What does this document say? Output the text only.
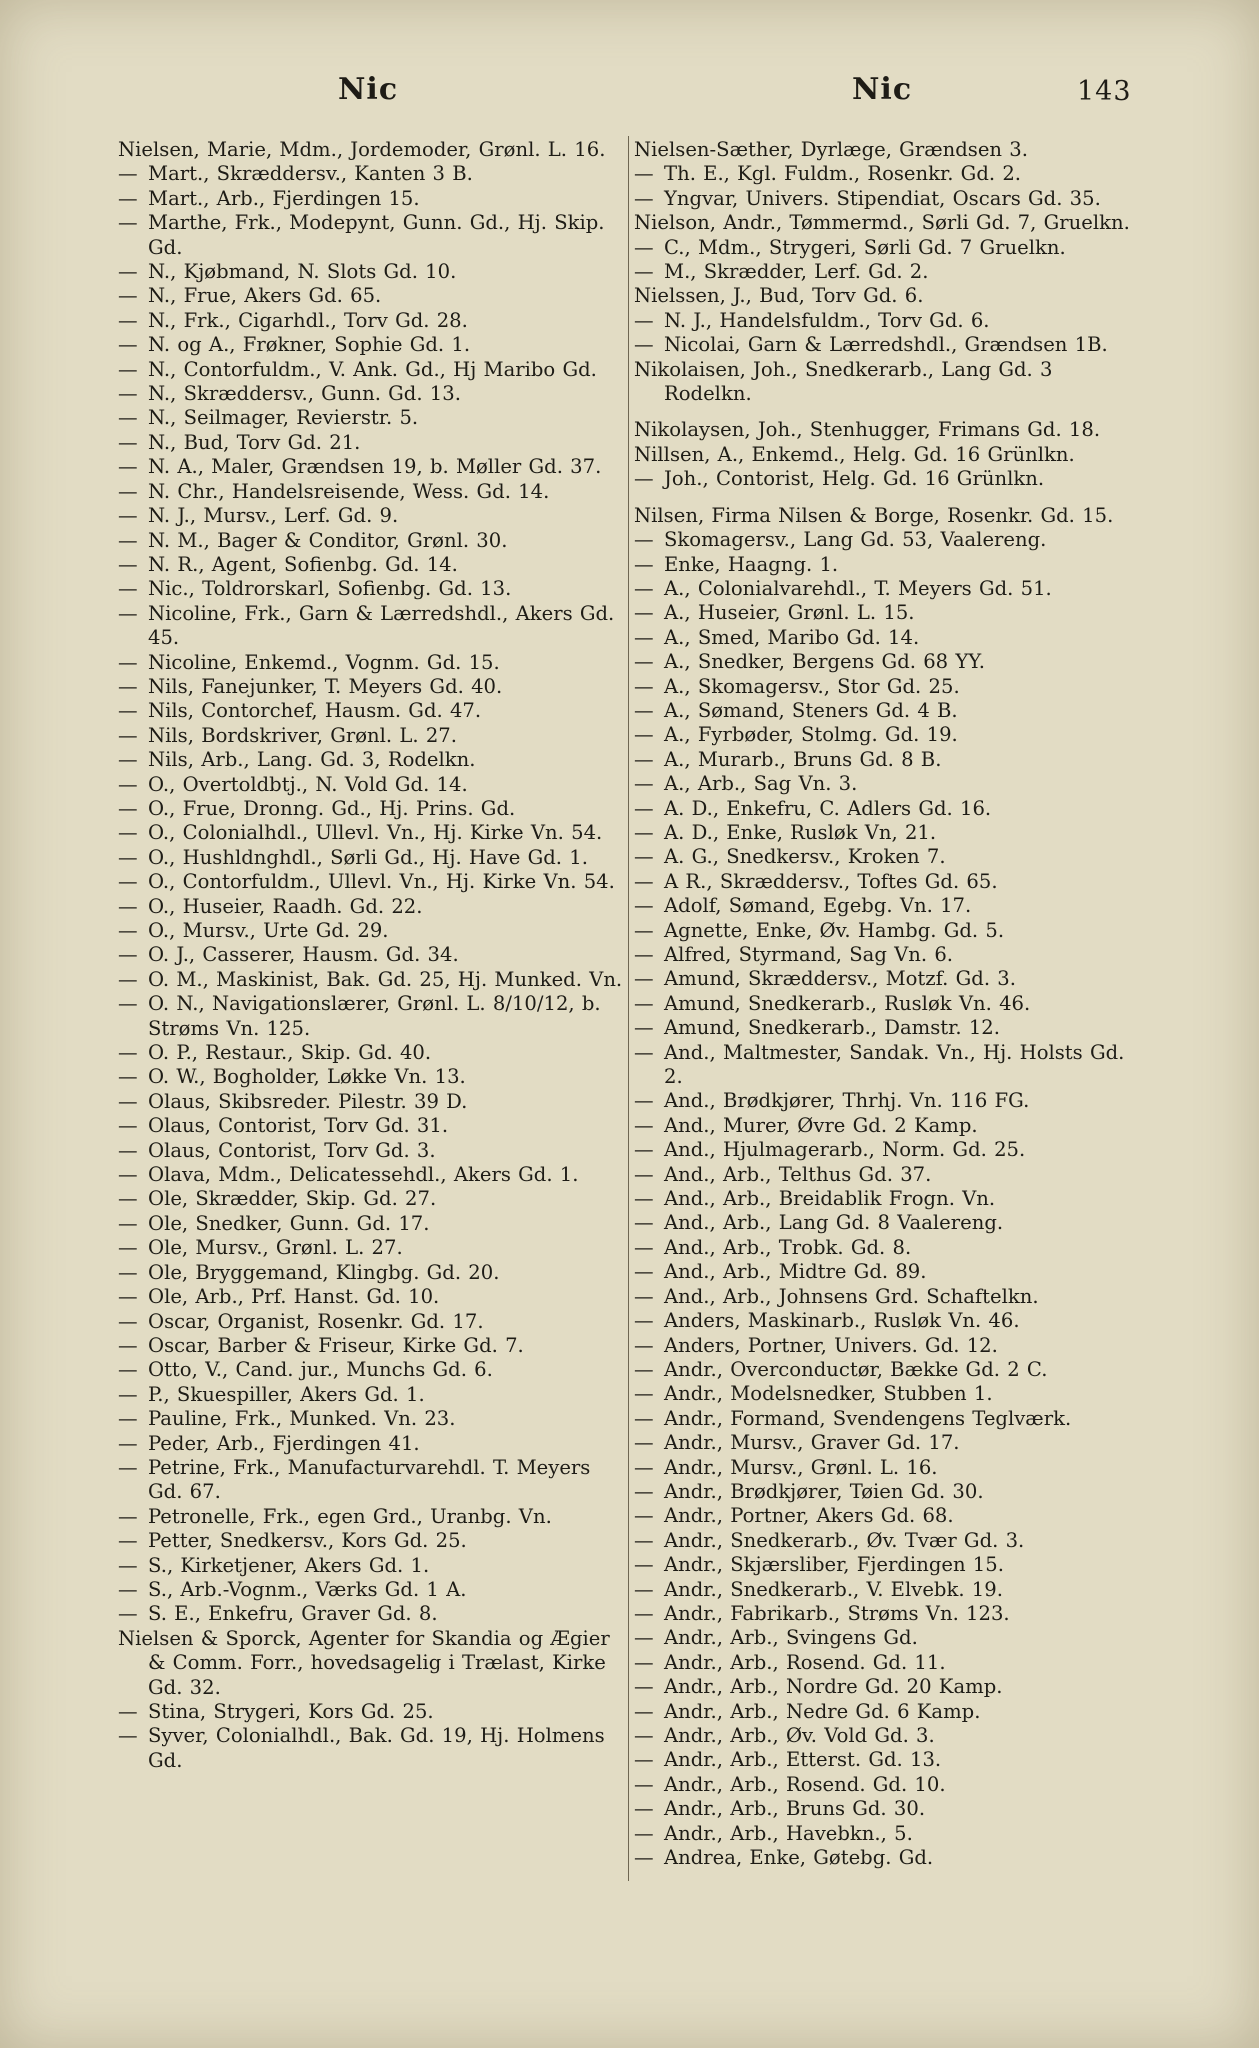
Nic	Nic	143
Nielsen, Marie, Mdm., Jordemoder, Grønl. L. 16.
— Mart., Skræddersv., Kanten 3 B.
— Mart., Arb., Fjerdingen 15.
— Marthe, Frk., Modepynt, Gunn. Gd., Hj. Skip. Gd.
— N., Kjøbmand, N. Slots Gd. 10.
— N., Frue, Akers Gd. 65.
— N., Frk., Cigarhdl., Torv Gd. 28.
— N. og A., Frøkner, Sophie Gd. 1.
— N., Contorfuldm., V. Ank. Gd., Hj Maribo Gd.
— N., Skræddersv., Gunn. Gd. 13.
— N., Seilmager, Revierstr. 5.
— N., Bud, Torv Gd. 21.
— N. A., Maler, Grændsen 19, b. Møller Gd. 37.
— N. Chr., Handelsreisende, Wess. Gd. 14.
— N. J., Mursv., Lerf. Gd. 9.
— N. M., Bager & Conditor, Grønl. 30.
— N. R., Agent, Sofienbg. Gd. 14.
— Nic., Toldrorskarl, Sofienbg. Gd. 13.
— Nicoline, Frk., Garn & Lærredshdl., Akers Gd. 45.
— Nicoline, Enkemd., Vognm. Gd. 15.
— Nils, Fanejunker, T. Meyers Gd. 40.
— Nils, Contorchef, Hausm. Gd. 47.
— Nils, Bordskriver, Grønl. L. 27.
— Nils, Arb., Lang. Gd. 3, Rodelkn.
— O., Overtoldbtj., N. Vold Gd. 14.
— O., Frue, Dronng. Gd., Hj. Prins. Gd.
— O., Colonialhdl., Ullevl. Vn., Hj. Kirke Vn. 54.
— O., Hushldnghdl., Sørli Gd., Hj. Have Gd. 1.
— O., Contorfuldm., Ullevl. Vn., Hj. Kirke Vn. 54.
— O., Huseier, Raadh. Gd. 22.
— O., Mursv., Urte Gd. 29.
— O. J., Casserer, Hausm. Gd. 34.
— O. M., Maskinist, Bak. Gd. 25, Hj. Munked. Vn.
— O. N., Navigationslærer, Grønl. L. 8/10/12, b. Strøms Vn. 125.
— O. P., Restaur., Skip. Gd. 40.
— O. W., Bogholder, Løkke Vn. 13.
— Olaus, Skibsreder. Pilestr. 39 D.
— Olaus, Contorist, Torv Gd. 31.
— Olaus, Contorist, Torv Gd. 3.
— Olava, Mdm., Delicatessehdl., Akers Gd. 1.
— Ole, Skrædder, Skip. Gd. 27.
— Ole, Snedker, Gunn. Gd. 17.
— Ole, Mursv., Grønl. L. 27.
— Ole, Bryggemand, Klingbg. Gd. 20.
— Ole, Arb., Prf. Hanst. Gd. 10.
— Oscar, Organist, Rosenkr. Gd. 17.
— Oscar, Barber & Friseur, Kirke Gd. 7.
— Otto, V., Cand. jur., Munchs Gd. 6.
— P., Skuespiller, Akers Gd. 1.
— Pauline, Frk., Munked. Vn. 23.
— Peder, Arb., Fjerdingen 41.
— Petrine, Frk., Manufacturvarehdl. T. Meyers Gd. 67.
— Petronelle, Frk., egen Grd., Uranbg. Vn.
— Petter, Snedkersv., Kors Gd. 25.
— S., Kirketjener, Akers Gd. 1.
— S., Arb.-Vognm., Værks Gd. 1 A.
— S. E., Enkefru, Graver Gd. 8.
Nielsen & Sporck, Agenter for Skandia og Ægier & Comm. Forr., hovedsagelig i Trælast, Kirke Gd. 32.
— Stina, Strygeri, Kors Gd. 25.
— Syver, Colonialhdl., Bak. Gd. 19, Hj. Holmens Gd.
Nielsen-Sæther, Dyrlæge, Grændsen 3.
— Th. E., Kgl. Fuldm., Rosenkr. Gd. 2.
— Yngvar, Univers. Stipendiat, Oscars Gd. 35.
Nielson, Andr., Tømmermd., Sørli Gd. 7, Gruelkn.
— C., Mdm., Strygeri, Sørli Gd. 7 Gruelkn.
— M., Skrædder, Lerf. Gd. 2.
Nielssen, J., Bud, Torv Gd. 6.
— N. J., Handelsfuldm., Torv Gd. 6.
— Nicolai, Garn & Lærredshdl., Grændsen 1B.
Nikolaisen, Joh., Snedkerarb., Lang Gd. 3 Rodelkn.
Nikolaysen, Joh., Stenhugger, Frimans Gd. 18.
Nillsen, A., Enkemd., Helg. Gd. 16 Grünlkn.
— Joh., Contorist, Helg. Gd. 16 Grünlkn.
Nilsen, Firma Nilsen & Borge, Rosenkr. Gd. 15.
— Skomagersv., Lang Gd. 53, Vaalereng.
— Enke, Haagng. 1.
— A., Colonialvarehdl., T. Meyers Gd. 51.
— A., Huseier, Grønl. L. 15.
— A., Smed, Maribo Gd. 14.
— A., Snedker, Bergens Gd. 68 YY.
— A., Skomagersv., Stor Gd. 25.
— A., Sømand, Steners Gd. 4 B.
— A., Fyrbøder, Stolmg. Gd. 19.
— A., Murarb., Bruns Gd. 8 B.
— A., Arb., Sag Vn. 3.
— A. D., Enkefru, C. Adlers Gd. 16.
— A. D., Enke, Rusløk Vn, 21.
— A. G., Snedkersv., Kroken 7.
— A R., Skræddersv., Toftes Gd. 65.
— Adolf, Sømand, Egebg. Vn. 17.
— Agnette, Enke, Øv. Hambg. Gd. 5.
— Alfred, Styrmand, Sag Vn. 6.
— Amund, Skræddersv., Motzf. Gd. 3.
— Amund, Snedkerarb., Rusløk Vn. 46.
— Amund, Snedkerarb., Damstr. 12.
— And., Maltmester, Sandak. Vn., Hj. Holsts Gd. 2.
— And., Brødkjører, Thrhj. Vn. 116 FG.
— And., Murer, Øvre Gd. 2 Kamp.
— And., Hjulmagerarb., Norm. Gd. 25.
— And., Arb., Telthus Gd. 37.
— And., Arb., Breidablik Frogn. Vn.
— And., Arb., Lang Gd. 8 Vaalereng.
— And., Arb., Trobk. Gd. 8.
— And., Arb., Midtre Gd. 89.
— And., Arb., Johnsens Grd. Schaftelkn.
— Anders, Maskinarb., Rusløk Vn. 46.
— Anders, Portner, Univers. Gd. 12.
— Andr., Overconductør, Bække Gd. 2 C.
— Andr., Modelsnedker, Stubben 1.
— Andr., Formand, Svendengens Teglværk.
— Andr., Mursv., Graver Gd. 17.
— Andr., Mursv., Grønl. L. 16.
— Andr., Brødkjører, Tøien Gd. 30.
— Andr., Portner, Akers Gd. 68.
— Andr., Snedkerarb., Øv. Tvær Gd. 3.
— Andr., Skjærsliber, Fjerdingen 15.
— Andr., Snedkerarb., V. Elvebk. 19.
— Andr., Fabrikarb., Strøms Vn. 123.
— Andr., Arb., Svingens Gd.
— Andr., Arb., Rosend. Gd. 11.
— Andr., Arb., Nordre Gd. 20 Kamp.
— Andr., Arb., Nedre Gd. 6 Kamp.
— Andr., Arb., Øv. Vold Gd. 3.
— Andr., Arb., Etterst. Gd. 13.
— Andr., Arb., Rosend. Gd. 10.
— Andr., Arb., Bruns Gd. 30.
— Andr., Arb., Havebkn., 5.
— Andrea, Enke, Gøtebg. Gd.
